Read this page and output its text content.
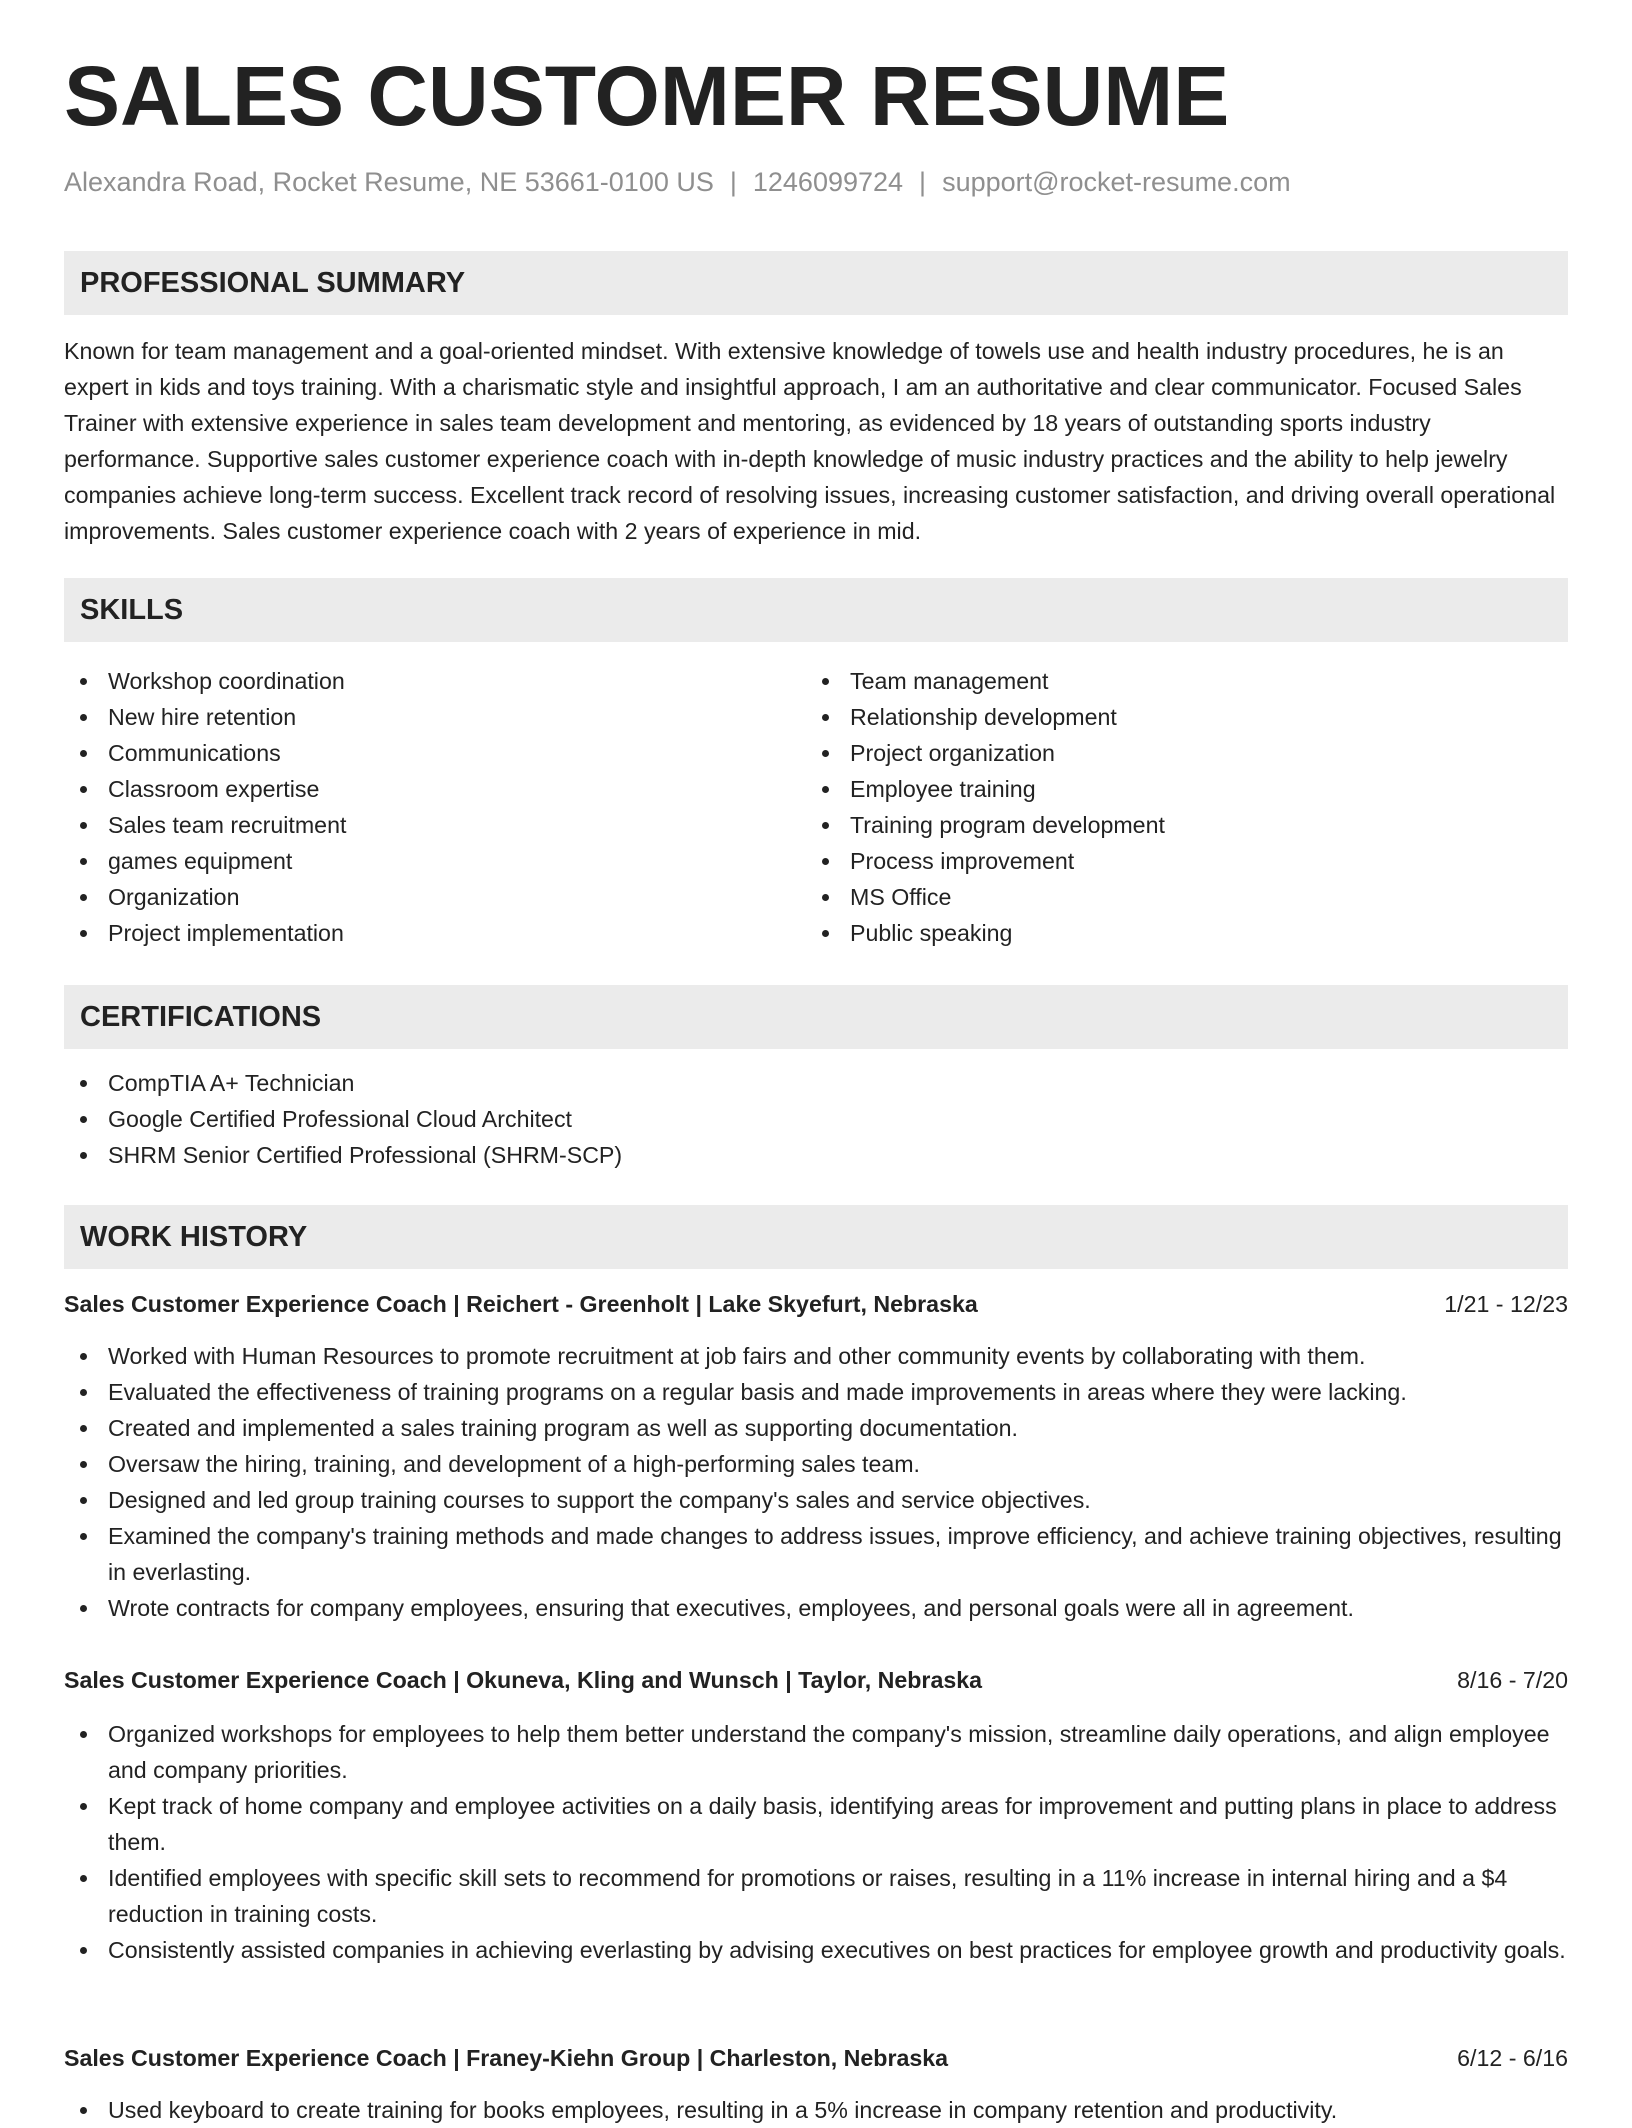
SALES CUSTOMER RESUME
Alexandra Road, Rocket Resume, NE 53661-0100 US | 1246099724 | support@rocket-resume.com
PROFESSIONAL SUMMARY

Known for team management and a goal-oriented mindset. With extensive knowledge of towels use and health industry procedures, he is an expert in kids and toys training. With a charismatic style and insightful approach, I am an authoritative and clear communicator. Focused Sales Trainer with extensive experience in sales team development and mentoring, as evidenced by 18 years of outstanding sports industry performance. Supportive sales customer experience coach with in-depth knowledge of music industry practices and the ability to help jewelry companies achieve long-term success. Excellent track record of resolving issues, increasing customer satisfaction, and driving overall operational improvements. Sales customer experience coach with 2 years of experience in mid.

SKILLS
Workshop coordination
New hire retention
Communications
Classroom expertise
Sales team recruitment
games equipment
Organization
Project implementation
Team management
Relationship development
Project organization
Employee training
Training program development
Process improvement
MS Office
Public speaking
CERTIFICATIONS
CompTIA A+ Technician
Google Certified Professional Cloud Architect
SHRM Senior Certified Professional (SHRM-SCP)
WORK HISTORY
Sales Customer Experience Coach | Reichert - Greenholt | Lake Skyefurt, Nebraska	1/21 - 12/23
Worked with Human Resources to promote recruitment at job fairs and other community events by collaborating with them.
Evaluated the effectiveness of training programs on a regular basis and made improvements in areas where they were lacking.
Created and implemented a sales training program as well as supporting documentation.
Oversaw the hiring, training, and development of a high-performing sales team.
Designed and led group training courses to support the company's sales and service objectives.
Examined the company's training methods and made changes to address issues, improve efficiency, and achieve training objectives, resulting in everlasting.
Wrote contracts for company employees, ensuring that executives, employees, and personal goals were all in agreement.
Sales Customer Experience Coach | Okuneva, Kling and Wunsch | Taylor, Nebraska	8/16 - 7/20
Organized workshops for employees to help them better understand the company's mission, streamline daily operations, and align employee and company priorities.
Kept track of home company and employee activities on a daily basis, identifying areas for improvement and putting plans in place to address them.
Identified employees with specific skill sets to recommend for promotions or raises, resulting in a 11% increase in internal hiring and a $4 reduction in training costs.
Consistently assisted companies in achieving everlasting by advising executives on best practices for employee growth and productivity goals.
Sales Customer Experience Coach | Franey-Kiehn Group | Charleston, Nebraska	6/12 - 6/16
Used keyboard to create training for books employees, resulting in a 5% increase in company retention and productivity.
